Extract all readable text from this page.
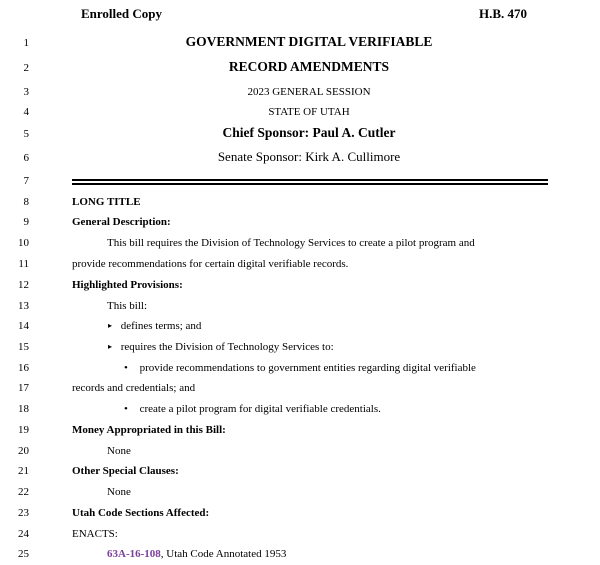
Enrolled Copy	H.B. 470
1
2
3
4
5
6
7
8
9
10
11
12
13
14
15
16
17
18
19
20
21
22
23
24
25
GOVERNMENT DIGITAL VERIFIABLE
RECORD AMENDMENTS
2023 GENERAL SESSION
STATE OF UTAH
Chief Sponsor: Paul A. Cutler
Senate Sponsor: Kirk A. Cullimore
LONG TITLE
General Description:
This bill requires the Division of Technology Services to create a pilot program and
provide recommendations for certain digital verifiable records.
Highlighted Provisions:
This bill:
▸ defines terms; and
▸ requires the Division of Technology Services to:
• provide recommendations to government entities regarding digital verifiable
records and credentials; and
• create a pilot program for digital verifiable credentials.
Money Appropriated in this Bill:
None
Other Special Clauses:
None
Utah Code Sections Affected:
ENACTS:
63A-16-108, Utah Code Annotated 1953
